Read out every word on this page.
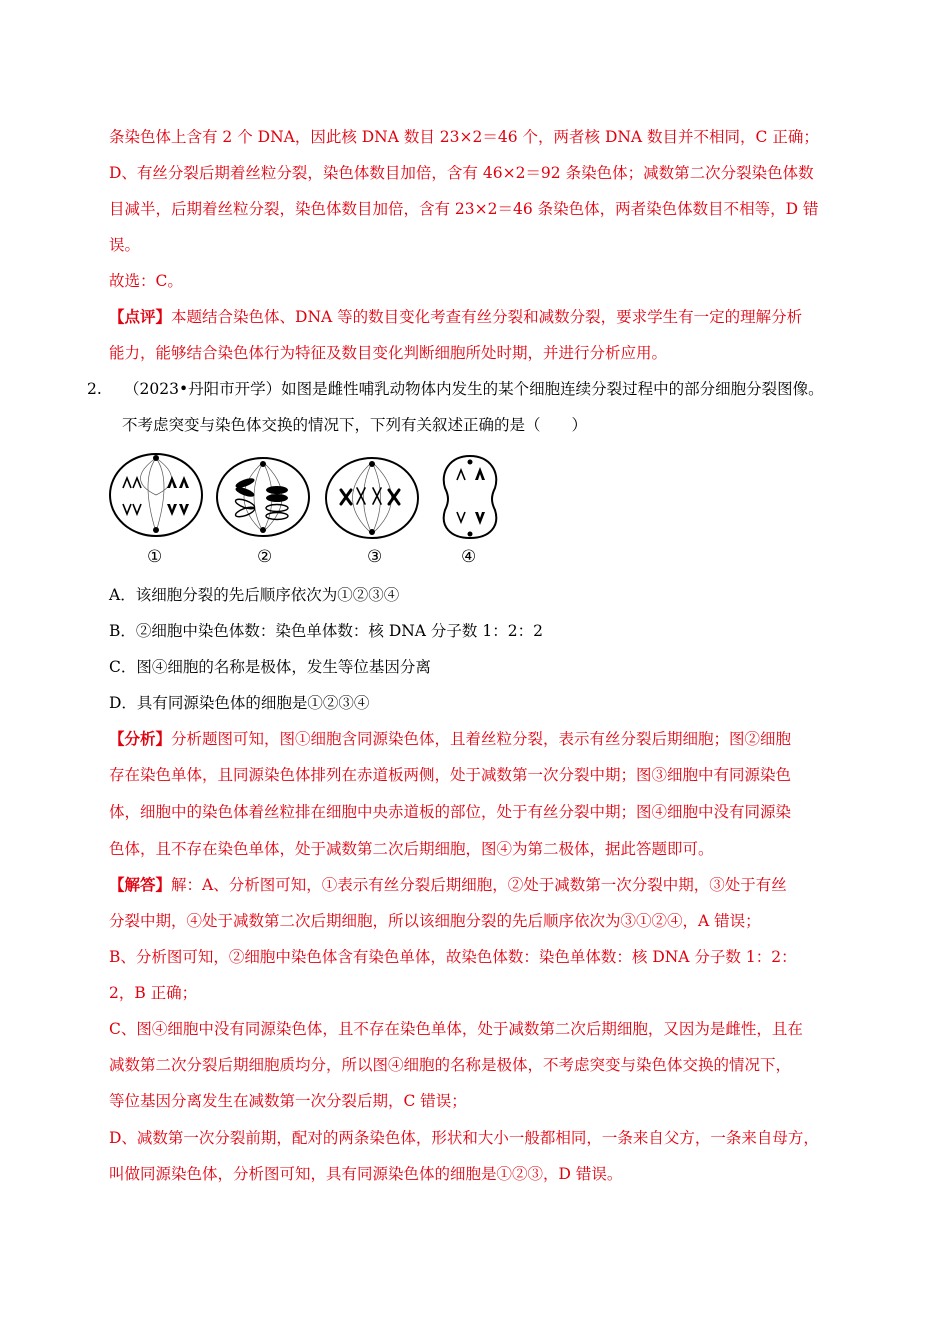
条染色体上含有 2 个 DNA，因此核 DNA 数目 23×2＝46 个，两者核 DNA 数目并不相同，C 正确；
D、有丝分裂后期着丝粒分裂，染色体数目加倍，含有 46×2＝92 条染色体；减数第二次分裂染色体数
目减半，后期着丝粒分裂，染色体数目加倍，含有 23×2＝46 条染色体，两者染色体数目不相等，D 错
误。
故选：C。
【点评】本题结合染色体、DNA 等的数目变化考查有丝分裂和减数分裂，要求学生有一定的理解分析
能力，能够结合染色体行为特征及数目变化判断细胞所处时期，并进行分析应用。
2. （2023•丹阳市开学）如图是雌性哺乳动物体内发生的某个细胞连续分裂过程中的部分细胞分裂图像。
不考虑突变与染色体交换的情况下，下列有关叙述正确的是（　　）
①	②	③	④
A．该细胞分裂的先后顺序依次为①②③④
B．②细胞中染色体数：染色单体数：核 DNA 分子数 1：2：2
C．图④细胞的名称是极体，发生等位基因分离
D．具有同源染色体的细胞是①②③④
【分析】分析题图可知，图①细胞含同源染色体，且着丝粒分裂，表示有丝分裂后期细胞；图②细胞
存在染色单体，且同源染色体排列在赤道板两侧，处于减数第一次分裂中期；图③细胞中有同源染色
体，细胞中的染色体着丝粒排在细胞中央赤道板的部位，处于有丝分裂中期；图④细胞中没有同源染
色体，且不存在染色单体，处于减数第二次后期细胞，图④为第二极体，据此答题即可。
【解答】解：A、分析图可知，①表示有丝分裂后期细胞，②处于减数第一次分裂中期，③处于有丝
分裂中期，④处于减数第二次后期细胞，所以该细胞分裂的先后顺序依次为③①②④，A 错误；
B、分析图可知，②细胞中染色体含有染色单体，故染色体数：染色单体数：核 DNA 分子数 1：2：
2，B 正确；
C、图④细胞中没有同源染色体，且不存在染色单体，处于减数第二次后期细胞，又因为是雌性，且在
减数第二次分裂后期细胞质均分，所以图④细胞的名称是极体，不考虑突变与染色体交换的情况下，
等位基因分离发生在减数第一次分裂后期，C 错误；
D、减数第一次分裂前期，配对的两条染色体，形状和大小一般都相同，一条来自父方，一条来自母方，
叫做同源染色体，分析图可知，具有同源染色体的细胞是①②③，D 错误。
